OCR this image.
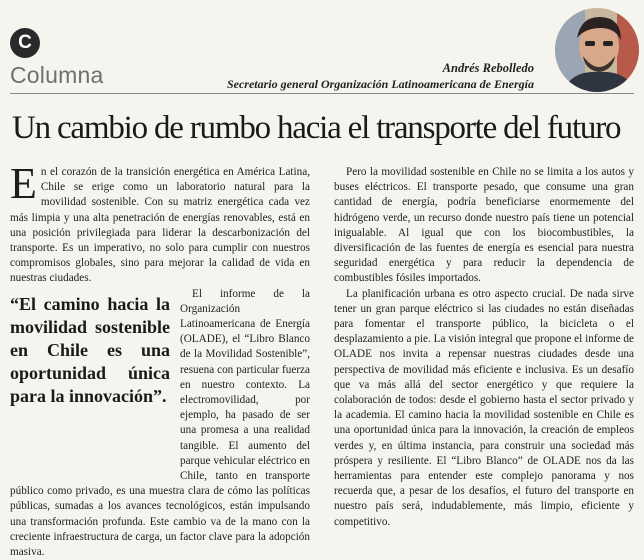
C
Columna	Andrés Rebolledo
Secretario general Organización Latinoamericana de Energía
Un cambio de rumbo hacia el transporte del futuro

En el corazón de la transición energética en América Latina, Chile se erige como un laboratorio natural para la movilidad sostenible. Con su matriz energética cada vez más limpia y una alta penetración de energías renovables, está en una posición privilegiada para liderar la descarbonización del transporte. Es un imperativo, no solo para cumplir con nuestros compromisos globales, sino para mejorar la calidad de vida en nuestras ciudades.

“El camino hacia la movilidad sostenible en Chile es una oportunidad única para la innovación”.

El informe de la Organización Latinoamericana de Energía (OLADE), el “Libro Blanco de la Movilidad Sostenible”, resuena con particular fuerza en nuestro contexto. La electromovilidad, por ejemplo, ha pasado de ser una promesa a una realidad tangible. El aumento del parque vehicular eléctrico en Chile, tanto en transporte público como privado, es una muestra clara de cómo las políticas públicas, sumadas a los avances tecnológicos, están impulsando una transformación profunda. Este cambio va de la mano con la creciente infraestructura de carga, un factor clave para la adopción masiva.

Pero la movilidad sostenible en Chile no se limita a los autos y buses eléctricos. El transporte pesado, que consume una gran cantidad de energía, podría beneficiarse enormemente del hidrógeno verde, un recurso donde nuestro país tiene un potencial inigualable. Al igual que con los biocombustibles, la diversificación de las fuentes de energía es esencial para nuestra seguridad energética y para reducir la dependencia de combustibles fósiles importados.

La planificación urbana es otro aspecto crucial. De nada sirve tener un gran parque eléctrico si las ciudades no están diseñadas para fomentar el transporte público, la bicicleta o el desplazamiento a pie. La visión integral que propone el informe de OLADE nos invita a repensar nuestras ciudades desde una perspectiva de movilidad más eficiente e inclusiva. Es un desafío que va más allá del sector energético y que requiere la colaboración de todos: desde el gobierno hasta el sector privado y la academia. El camino hacia la movilidad sostenible en Chile es una oportunidad única para la innovación, la creación de empleos verdes y, en última instancia, para construir una sociedad más próspera y resiliente. El “Libro Blanco” de OLADE nos da las herramientas para entender este complejo panorama y nos recuerda que, a pesar de los desafíos, el futuro del transporte en nuestro país será, indudablemente, más limpio, eficiente y competitivo.
